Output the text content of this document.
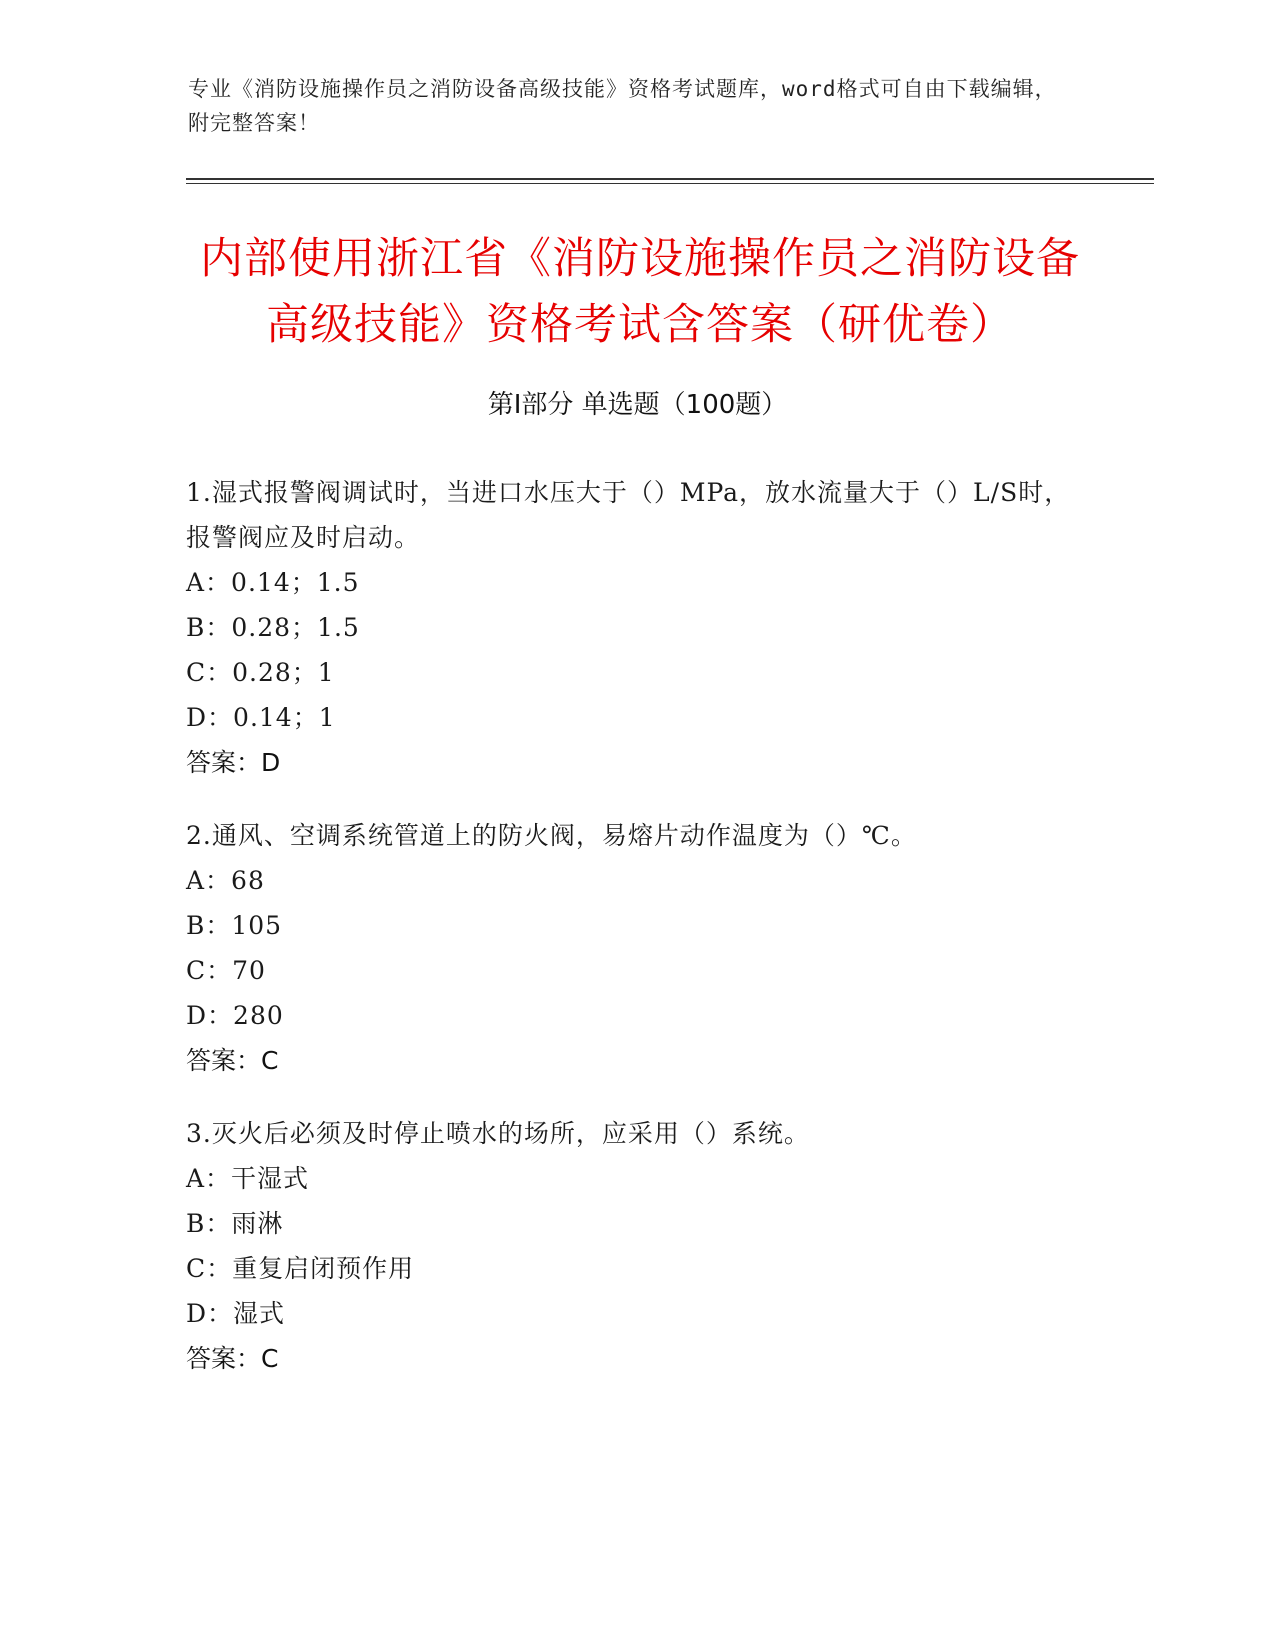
专业《消防设施操作员之消防设备高级技能》资格考试题库，word格式可自由下载编辑，附完整答案！
内部使用浙江省《消防设施操作员之消防设备高级技能》资格考试含答案（研优卷）
第Ⅰ部分 单选题（100题）
1.湿式报警阀调试时，当进口水压大于（）MPa，放水流量大于（）L/S时，报警阀应及时启动。
A：0.14；1.5
B：0.28；1.5
C：0.28；1
D：0.14；1
答案：D
2.通风、空调系统管道上的防火阀，易熔片动作温度为（）℃。
A：68
B：105
C：70
D：280
答案：C
3.灭火后必须及时停止喷水的场所，应采用（）系统。
A：干湿式
B：雨淋
C：重复启闭预作用
D：湿式
答案：C
